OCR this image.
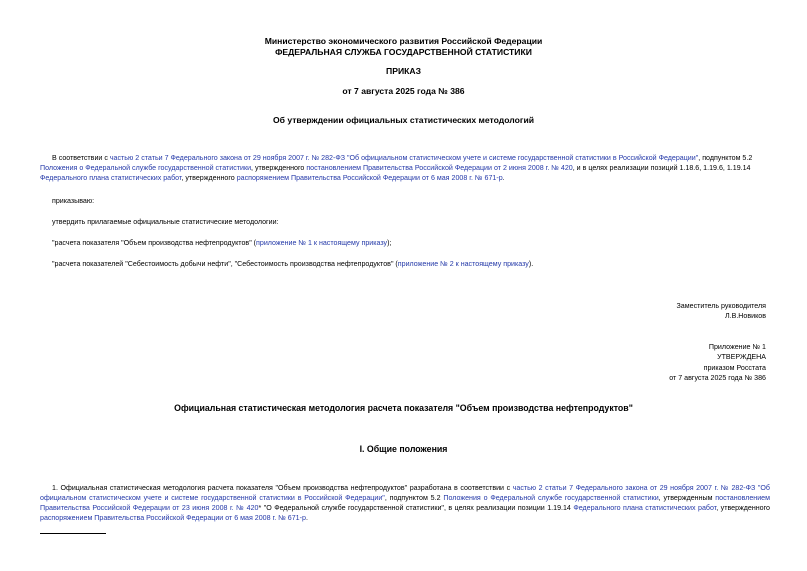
Министерство экономического развития Российской Федерации
ФЕДЕРАЛЬНАЯ СЛУЖБА ГОСУДАРСТВЕННОЙ СТАТИСТИКИ
ПРИКАЗ
от 7 августа 2025 года № 386
Об утверждении официальных статистических методологий
В соответствии с частью 2 статьи 7 Федерального закона от 29 ноября 2007 г. № 282-ФЗ "Об официальном статистическом учете и системе государственной статистики в Российской Федерации", подпунктом 5.2 Положения о Федеральной службе государственной статистики, утвержденного постановлением Правительства Российской Федерации от 2 июня 2008 г. № 420, и в целях реализации позиций 1.18.6, 1.19.6, 1.19.14 Федерального плана статистических работ, утвержденного распоряжением Правительства Российской Федерации от 6 мая 2008 г. № 671-р.
приказываю:
утвердить прилагаемые официальные статистические методологии:
"расчета показателя "Объем производства нефтепродуктов" (приложение № 1 к настоящему приказу);
"расчета показателей "Себестоимость добычи нефти", "Себестоимость производства нефтепродуктов" (приложение № 2 к настоящему приказу).
Заместитель руководителя
Л.В.Новиков
Приложение № 1
УТВЕРЖДЕНА
приказом Росстата
от 7 августа 2025 года № 386
Официальная статистическая методология расчета показателя "Объем производства нефтепродуктов"
I. Общие положения
1. Официальная статистическая методология расчета показателя "Объем производства нефтепродуктов" разработана в соответствии с частью 2 статьи 7 Федерального закона от 29 ноября 2007 г. № 282-ФЗ "Об официальном статистическом учете и системе государственной статистики в Российской Федерации", подпунктом 5.2 Положения о Федеральной службе государственной статистики, утвержденным постановлением Правительства Российской Федерации от 23 июня 2008 г. № 420* "О Федеральной службе государственной статистики", в целях реализации позиции 1.19.14 Федерального плана статистических работ, утвержденного распоряжением Правительства Российской Федерации от 6 мая 2008 г. № 671-р.
